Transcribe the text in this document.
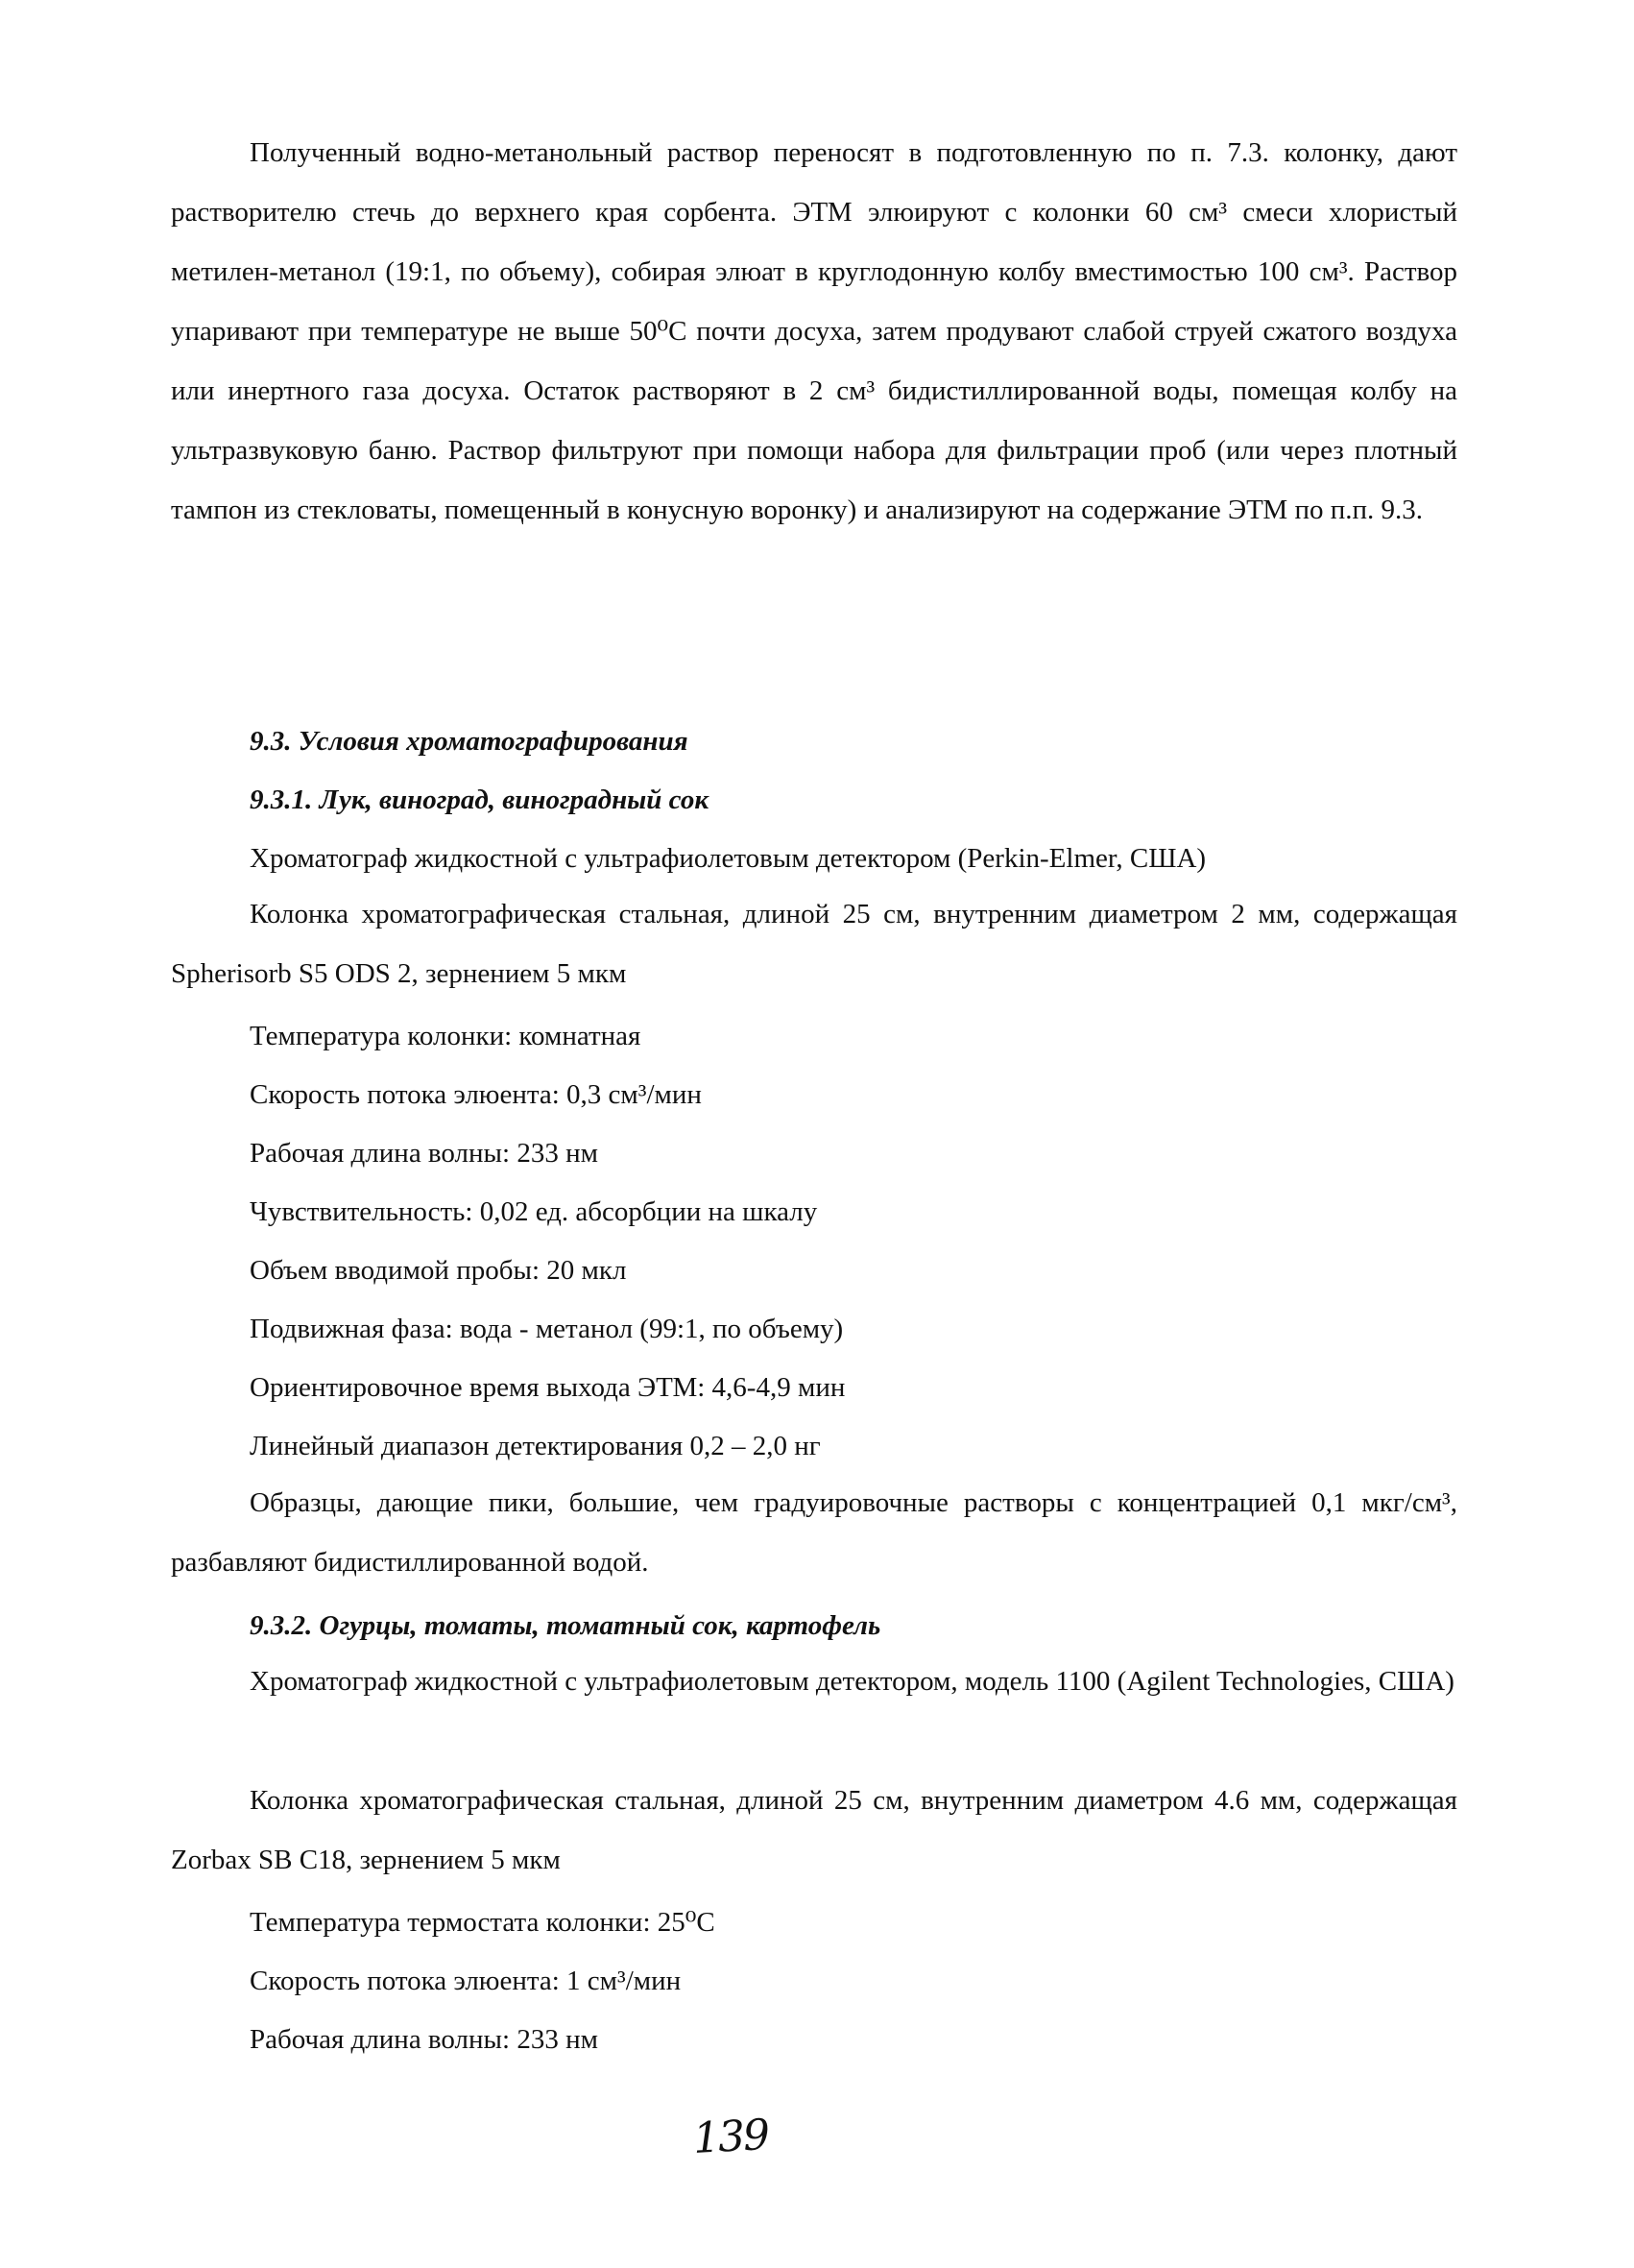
Полученный водно-метанольный раствор переносят в подготовленную по п. 7.3. колонку, дают растворителю стечь до верхнего края сорбента. ЭТМ элюируют с колонки 60 см³ смеси хлористый метилен-метанол (19:1, по объему), собирая элюат в круглодонную колбу вместимостью 100 см³. Раствор упаривают при температуре не выше 50⁰С почти досуха, затем продувают слабой струей сжатого воздуха или инертного газа досуха. Остаток растворяют в 2 см³ бидистиллированной воды, помещая колбу на ультразвуковую баню. Раствор фильтруют при помощи набора для фильтрации проб (или через плотный тампон из стекловаты, помещенный в конусную воронку) и анализируют на содержание ЭТМ по п.п. 9.3.
9.3. Условия хроматографирования
9.3.1. Лук, виноград, виноградный сок
Хроматограф жидкостной с ультрафиолетовым детектором (Perkin-Elmer, США)
Колонка хроматографическая стальная, длиной 25 см, внутренним диаметром 2 мм, содержащая Spherisorb S5 ODS 2, зернением 5 мкм
Температура колонки: комнатная
Скорость потока элюента: 0,3 см³/мин
Рабочая длина волны: 233 нм
Чувствительность: 0,02 ед. абсорбции на шкалу
Объем вводимой пробы: 20 мкл
Подвижная фаза: вода - метанол (99:1, по объему)
Ориентировочное время выхода ЭТМ: 4,6-4,9 мин
Линейный диапазон детектирования 0,2 – 2,0 нг
Образцы, дающие пики, большие, чем градуировочные растворы с концентрацией 0,1 мкг/см³, разбавляют бидистиллированной водой.
9.3.2. Огурцы, томаты, томатный сок, картофель
Хроматограф жидкостной с ультрафиолетовым детектором, модель 1100 (Agilent Technologies, США)
Колонка хроматографическая стальная, длиной 25 см, внутренним диаметром 4.6 мм, содержащая Zorbax SB C18, зернением 5 мкм
Температура термостата колонки: 25⁰С
Скорость потока элюента: 1 см³/мин
Рабочая длина волны: 233 нм
139
